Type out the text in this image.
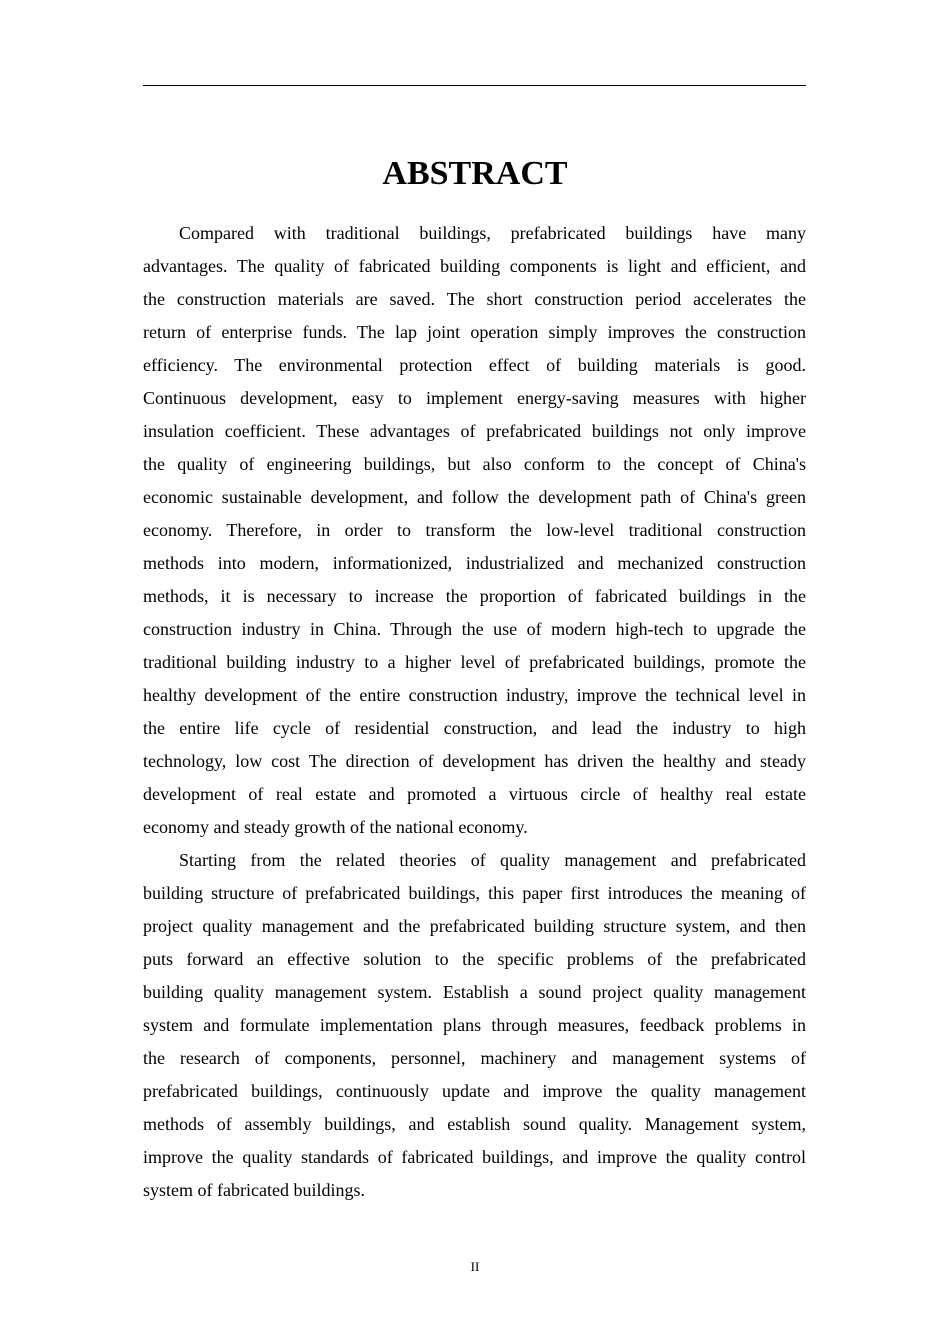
ABSTRACT
Compared with traditional buildings, prefabricated buildings have many
advantages. The quality of fabricated building components is light and efficient, and
the construction materials are saved. The short construction period accelerates the
return of enterprise funds. The lap joint operation simply improves the construction
efficiency. The environmental protection effect of building materials is good.
Continuous development, easy to implement energy-saving measures with higher
insulation coefficient. These advantages of prefabricated buildings not only improve
the quality of engineering buildings, but also conform to the concept of China's
economic sustainable development, and follow the development path of China's green
economy. Therefore, in order to transform the low-level traditional construction
methods into modern, informationized, industrialized and mechanized construction
methods, it is necessary to increase the proportion of fabricated buildings in the
construction industry in China. Through the use of modern high-tech to upgrade the
traditional building industry to a higher level of prefabricated buildings, promote the
healthy development of the entire construction industry, improve the technical level in
the entire life cycle of residential construction, and lead the industry to high
technology, low cost The direction of development has driven the healthy and steady
development of real estate and promoted a virtuous circle of healthy real estate
economy and steady growth of the national economy.
Starting from the related theories of quality management and prefabricated
building structure of prefabricated buildings, this paper first introduces the meaning of
project quality management and the prefabricated building structure system, and then
puts forward an effective solution to the specific problems of the prefabricated
building quality management system. Establish a sound project quality management
system and formulate implementation plans through measures, feedback problems in
the research of components, personnel, machinery and management systems of
prefabricated buildings, continuously update and improve the quality management
methods of assembly buildings, and establish sound quality. Management system,
improve the quality standards of fabricated buildings, and improve the quality control
system of fabricated buildings.
II
